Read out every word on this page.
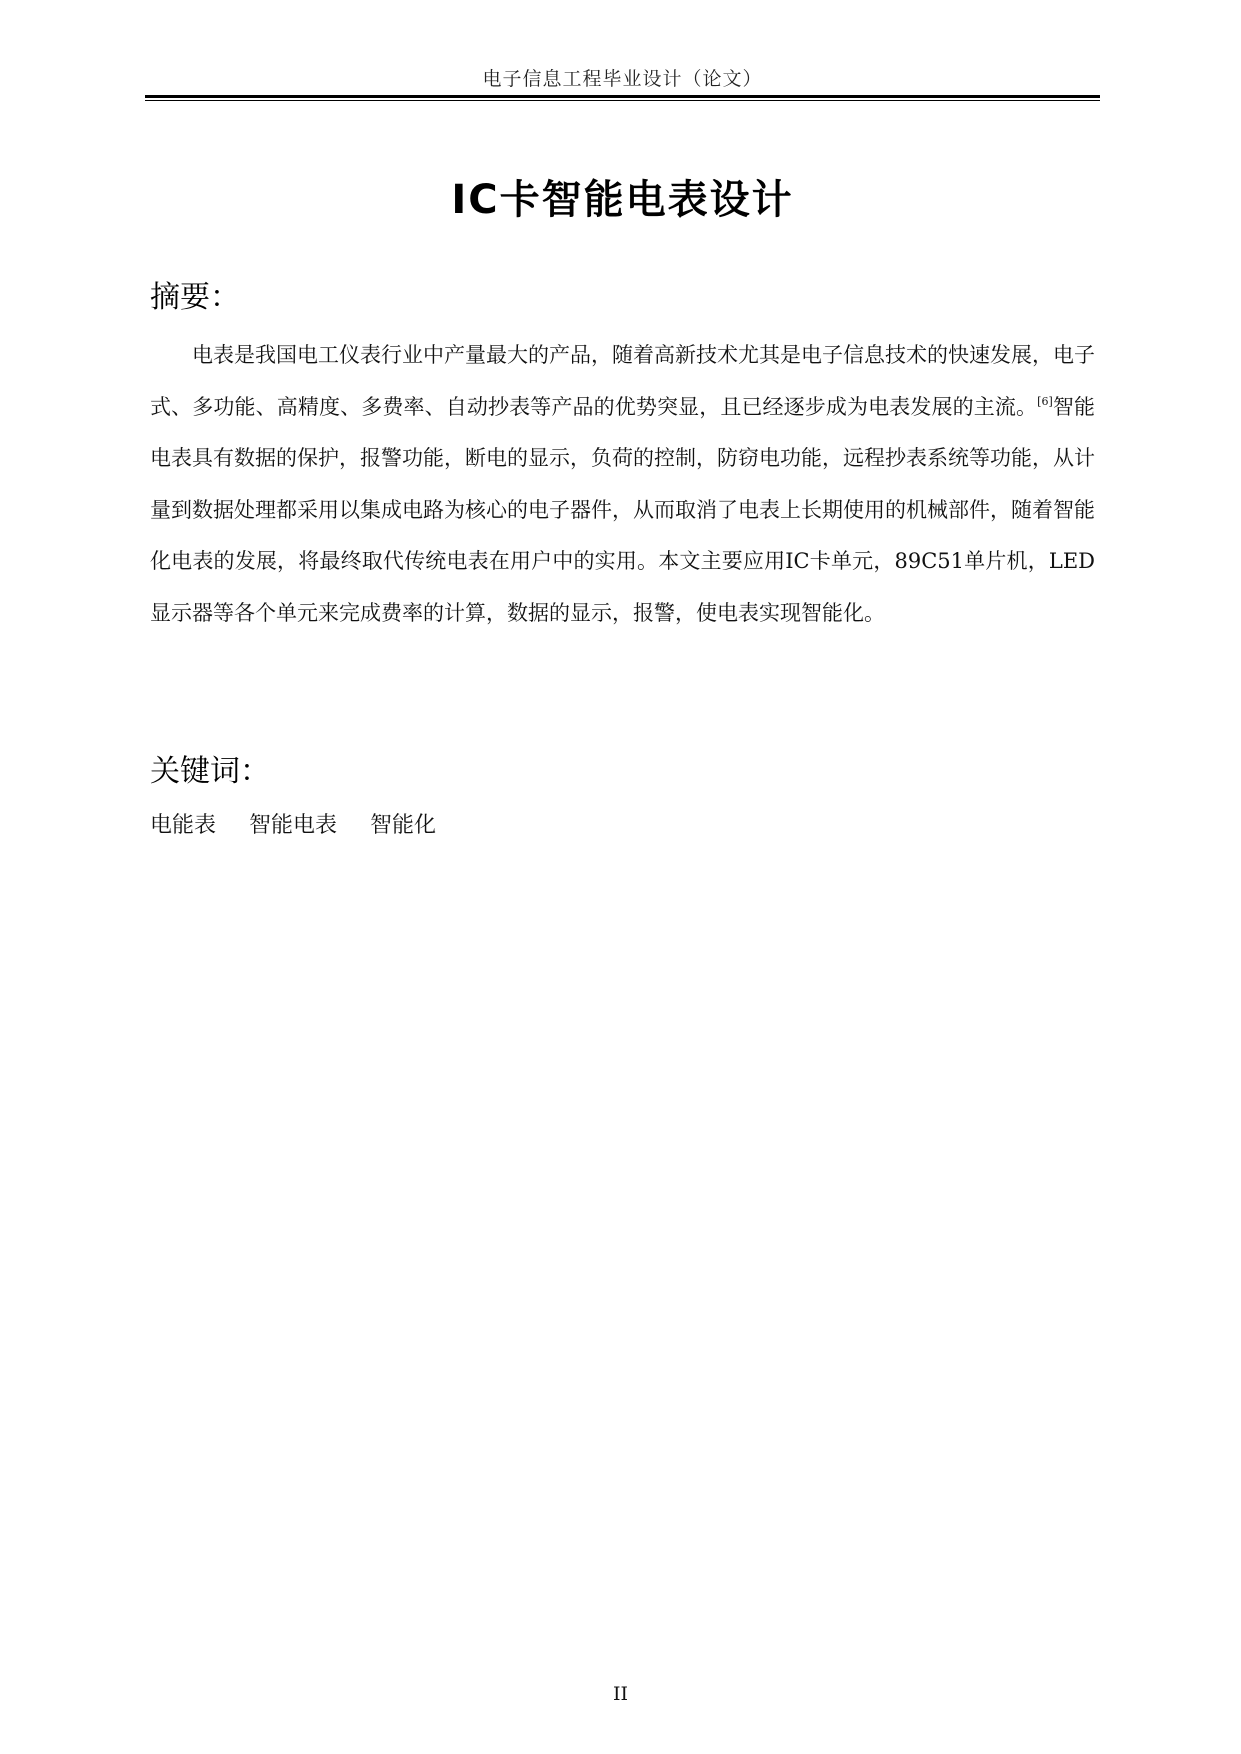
电子信息工程毕业设计（论文）
IC卡智能电表设计
摘要：

电表是我国电工仪表行业中产量最大的产品，随着高新技术尤其是电子信息技术的快速发展，电子式、多功能、高精度、多费率、自动抄表等产品的优势突显，且已经逐步成为电表发展的主流。[6]智能电表具有数据的保护，报警功能，断电的显示，负荷的控制，防窃电功能，远程抄表系统等功能，从计量到数据处理都采用以集成电路为核心的电子器件，从而取消了电表上长期使用的机械部件，随着智能化电表的发展，将最终取代传统电表在用户中的实用。本文主要应用IC卡单元，89C51单片机，LED显示器等各个单元来完成费率的计算，数据的显示，报警，使电表实现智能化。

关键词：
电能表 智能电表 智能化
II
